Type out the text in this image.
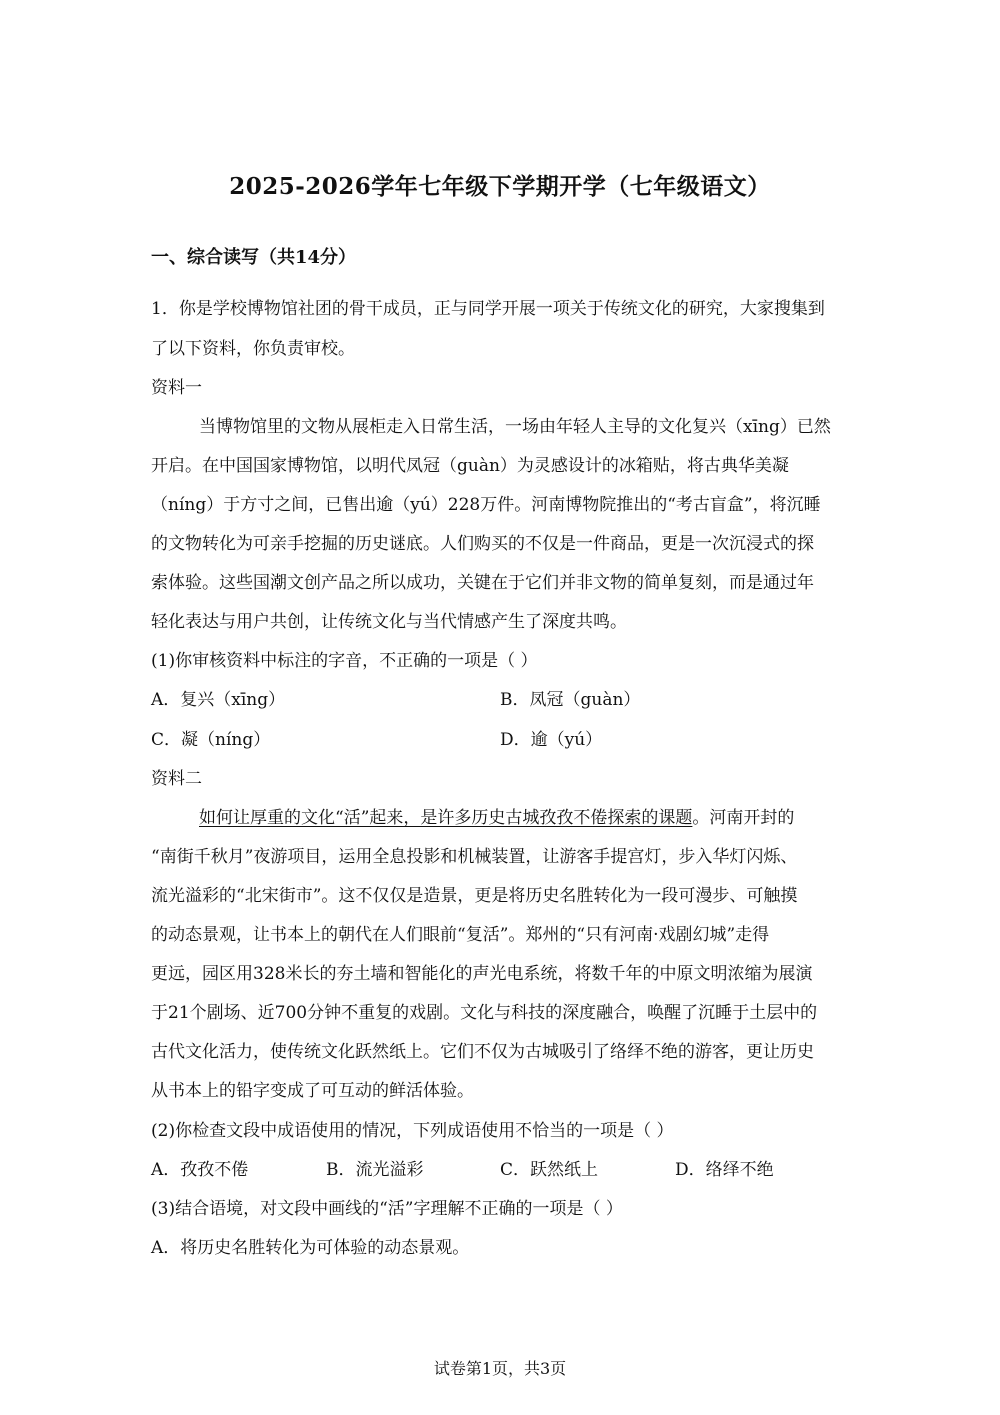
2025-2026学年七年级下学期开学（七年级语文）
一、综合读写（共14分）
1．你是学校博物馆社团的骨干成员，正与同学开展一项关于传统文化的研究，大家搜集到
了以下资料，你负责审校。
资料一
当博物馆里的文物从展柜走入日常生活，一场由年轻人主导的文化复兴（xīng）已然
开启。在中国国家博物馆，以明代凤冠（guàn）为灵感设计的冰箱贴，将古典华美凝
（níng）于方寸之间，已售出逾（yú）228万件。河南博物院推出的“考古盲盒”，将沉睡
的文物转化为可亲手挖掘的历史谜底。人们购买的不仅是一件商品，更是一次沉浸式的探
索体验。这些国潮文创产品之所以成功，关键在于它们并非文物的简单复刻，而是通过年
轻化表达与用户共创，让传统文化与当代情感产生了深度共鸣。
(1)你审核资料中标注的字音，不正确的一项是（ ）
A．复兴（xīng）	B．凤冠（guàn）
C．凝（níng）	D．逾（yú）
资料二
如何让厚重的文化“活”起来，是许多历史古城孜孜不倦探索的课题。河南开封的
“南街千秋月”夜游项目，运用全息投影和机械装置，让游客手提宫灯，步入华灯闪烁、
流光溢彩的“北宋街市”。这不仅仅是造景，更是将历史名胜转化为一段可漫步、可触摸
的动态景观，让书本上的朝代在人们眼前“复活”。郑州的“只有河南·戏剧幻城”走得
更远，园区用328米长的夯土墙和智能化的声光电系统，将数千年的中原文明浓缩为展演
于21个剧场、近700分钟不重复的戏剧。文化与科技的深度融合，唤醒了沉睡于土层中的
古代文化活力，使传统文化跃然纸上。它们不仅为古城吸引了络绎不绝的游客，更让历史
从书本上的铅字变成了可互动的鲜活体验。
(2)你检查文段中成语使用的情况，下列成语使用不恰当的一项是（ ）
A．孜孜不倦	B．流光溢彩	C．跃然纸上	D．络绎不绝
(3)结合语境，对文段中画线的“活”字理解不正确的一项是（ ）
A．将历史名胜转化为可体验的动态景观。
试卷第1页，共3页
